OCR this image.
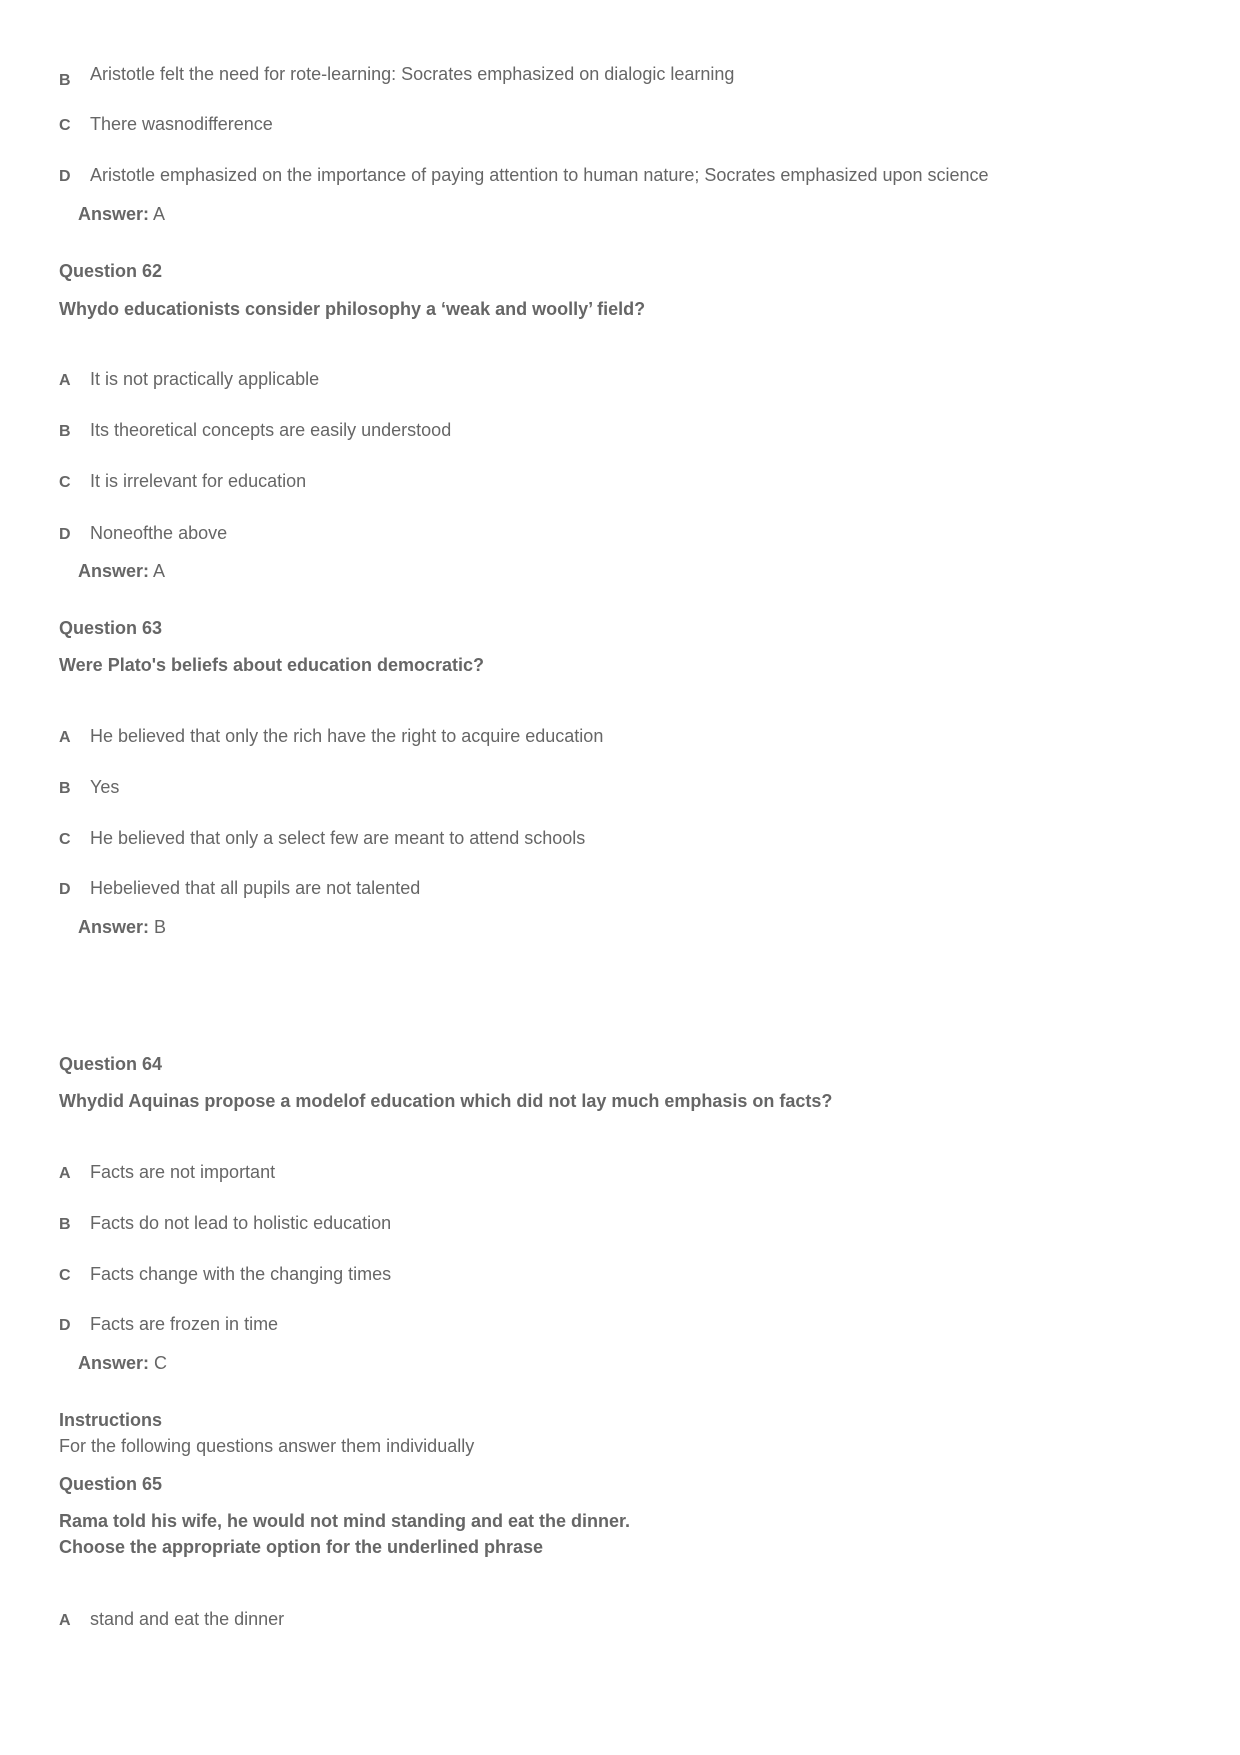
B Aristotle felt the need for rote-learning: Socrates emphasized on dialogic learning
C There wasnodifference
D Aristotle emphasized on the importance of paying attention to human nature; Socrates emphasized upon science
Answer: A
Question 62
Whydo educationists consider philosophy a ‘weak and woolly’ field?
A It is not practically applicable
B Its theoretical concepts are easily understood
C It is irrelevant for education
D Noneofthe above
Answer: A
Question 63
Were Plato's beliefs about education democratic?
A He believed that only the rich have the right to acquire education
B Yes
C He believed that only a select few are meant to attend schools
D Hebelieved that all pupils are not talented
Answer: B
Question 64
Whydid Aquinas propose a modelof education which did not lay much emphasis on facts?
A Facts are not important
B Facts do not lead to holistic education
C Facts change with the changing times
D Facts are frozen in time
Answer: C
Instructions
For the following questions answer them individually
Question 65
Rama told his wife, he would not mind standing and eat the dinner.
Choose the appropriate option for the underlined phrase
A stand and eat the dinner
